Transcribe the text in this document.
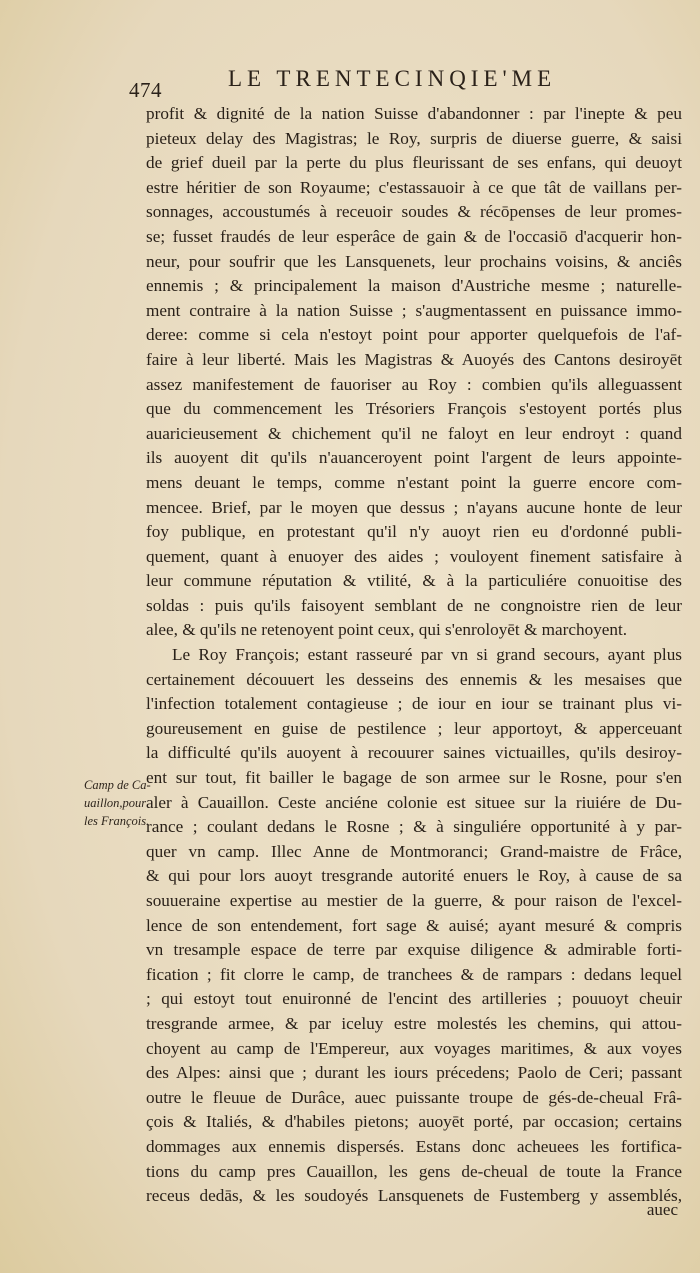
474	LE TRENTECINQIE'ME
Camp de Ca-
uaillon,pour
les François.
profit & dignité de la nation Suisse d'abandonner : par l'inepte & peu
pieteux delay des Magistras; le Roy, surpris de diuerse guerre, & saisi
de grief dueil par la perte du plus fleurissant de ses enfans, qui deuoyt
estre héritier de son Royaume; c'estassauoir à ce que tât de vaillans per-
sonnages, accoustumés à receuoir soudes & récōpenses de leur promes-
se; fusset fraudés de leur esperâce de gain & de l'occasiō d'acquerir hon-
neur, pour soufrir que les Lansquenets, leur prochains voisins, & anciês
ennemis ; & principalement la maison d'Austriche mesme ; naturelle-
ment contraire à la nation Suisse ; s'augmentassent en puissance immo-
deree: comme si cela n'estoyt point pour apporter quelquefois de l'af-
faire à leur liberté. Mais les Magistras & Auoyés des Cantons desiroyēt
assez manifestement de fauoriser au Roy : combien qu'ils alleguassent
que du commencement les Trésoriers François s'estoyent portés plus
auaricieusement & chichement qu'il ne faloyt en leur endroyt : quand
ils auoyent dit qu'ils n'auanceroyent point l'argent de leurs appointe-
mens deuant le temps, comme n'estant point la guerre encore com-
mencee. Brief, par le moyen que dessus ; n'ayans aucune honte de leur
foy publique, en protestant qu'il n'y auoyt rien eu d'ordonné publi-
quement, quant à enuoyer des aides ; vouloyent finement satisfaire à
leur commune réputation & vtilité, & à la particuliére conuoitise des
soldas : puis qu'ils faisoyent semblant de ne congnoistre rien de leur
alee, & qu'ils ne retenoyent point ceux, qui s'enroloyēt & marchoyent.
Le Roy François; estant rasseuré par vn si grand secours, ayant plus
certainement découuert les desseins des ennemis & les mesaises que
l'infection totalement contagieuse ; de iour en iour se trainant plus vi-
goureusement en guise de pestilence ; leur apportoyt, & apperceuant
la difficulté qu'ils auoyent à recouurer saines victuailles, qu'ils desiroy-
ent sur tout, fit bailler le bagage de son armee sur le Rosne, pour s'en
aler à Cauaillon. Ceste anciéne colonie est situee sur la riuiére de Du-
rance ; coulant dedans le Rosne ; & à singuliére opportunité à y par-
quer vn camp. Illec Anne de Montmoranci; Grand-maistre de Frâce,
& qui pour lors auoyt tresgrande autorité enuers le Roy, à cause de sa
souueraine expertise au mestier de la guerre, & pour raison de l'excel-
lence de son entendement, fort sage & auisé; ayant mesuré & compris
vn tresample espace de terre par exquise diligence & admirable forti-
fication ; fit clorre le camp, de tranchees & de rampars : dedans lequel
; qui estoyt tout enuironné de l'encint des artilleries ; pouuoyt cheuir
tresgrande armee, & par iceluy estre molestés les chemins, qui attou-
choyent au camp de l'Empereur, aux voyages maritimes, & aux voyes
des Alpes: ainsi que ; durant les iours précedens; Paolo de Ceri; passant
outre le fleuue de Durâce, auec puissante troupe de gés-de-cheual Frâ-
çois & Italiés, & d'habiles pietons; auoyēt porté, par occasion; certains
dommages aux ennemis dispersés. Estans donc acheuees les fortifica-
tions du camp pres Cauaillon, les gens de-cheual de toute la France
receus dedās, & les soudoyés Lansquenets de Fustemberg y assemblés,
auec
